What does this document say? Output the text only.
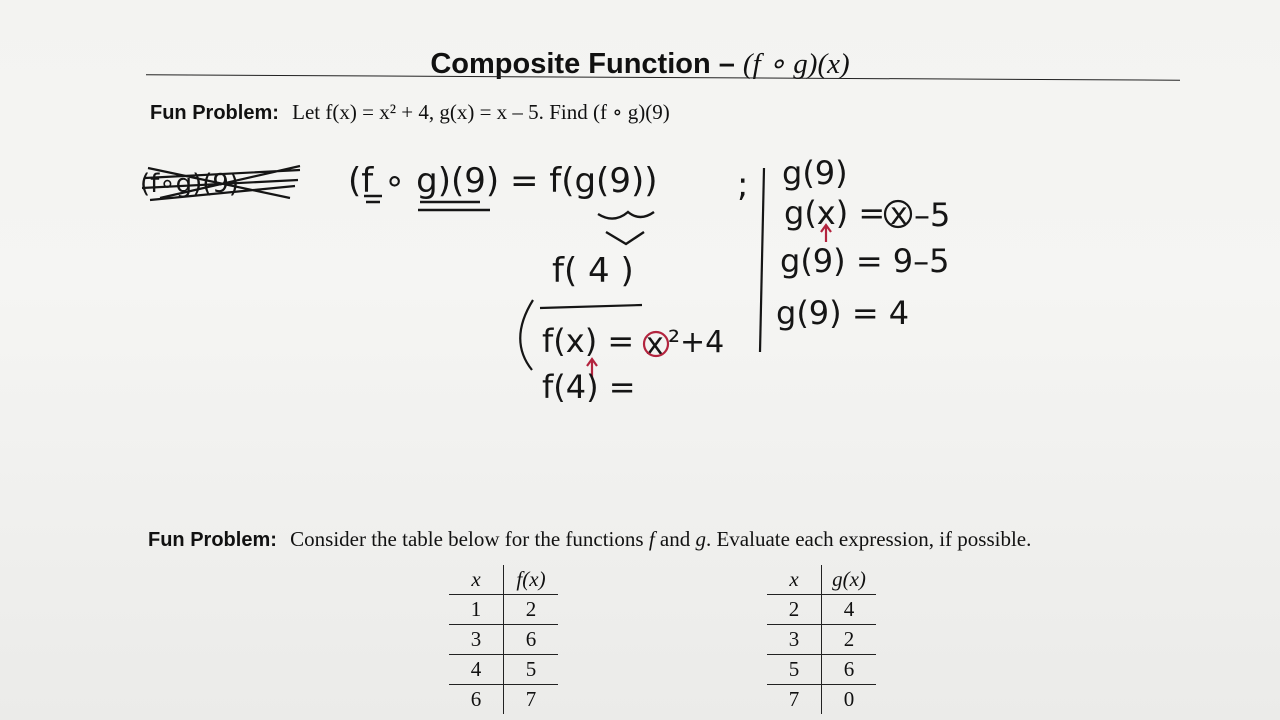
Composite Function – (f ∘ g)(x)
Fun Problem: Let f(x) = x² + 4, g(x) = x – 5. Find (f ∘ g)(9)
(f∘g)(9)	(f ∘ g)(9) = f(g(9)) ;
f( 4 )
f(x) = x ²+4
f(4) =
g(9)
g(x) = x –5
g(9) = 9–5
g(9) = 4
Fun Problem: Consider the table below for the functions f and g. Evaluate each expression, if possible.
x	f(x)
1	2
3	6
4	5
6	7
x	g(x)
2	4
3	2
5	6
7	0
